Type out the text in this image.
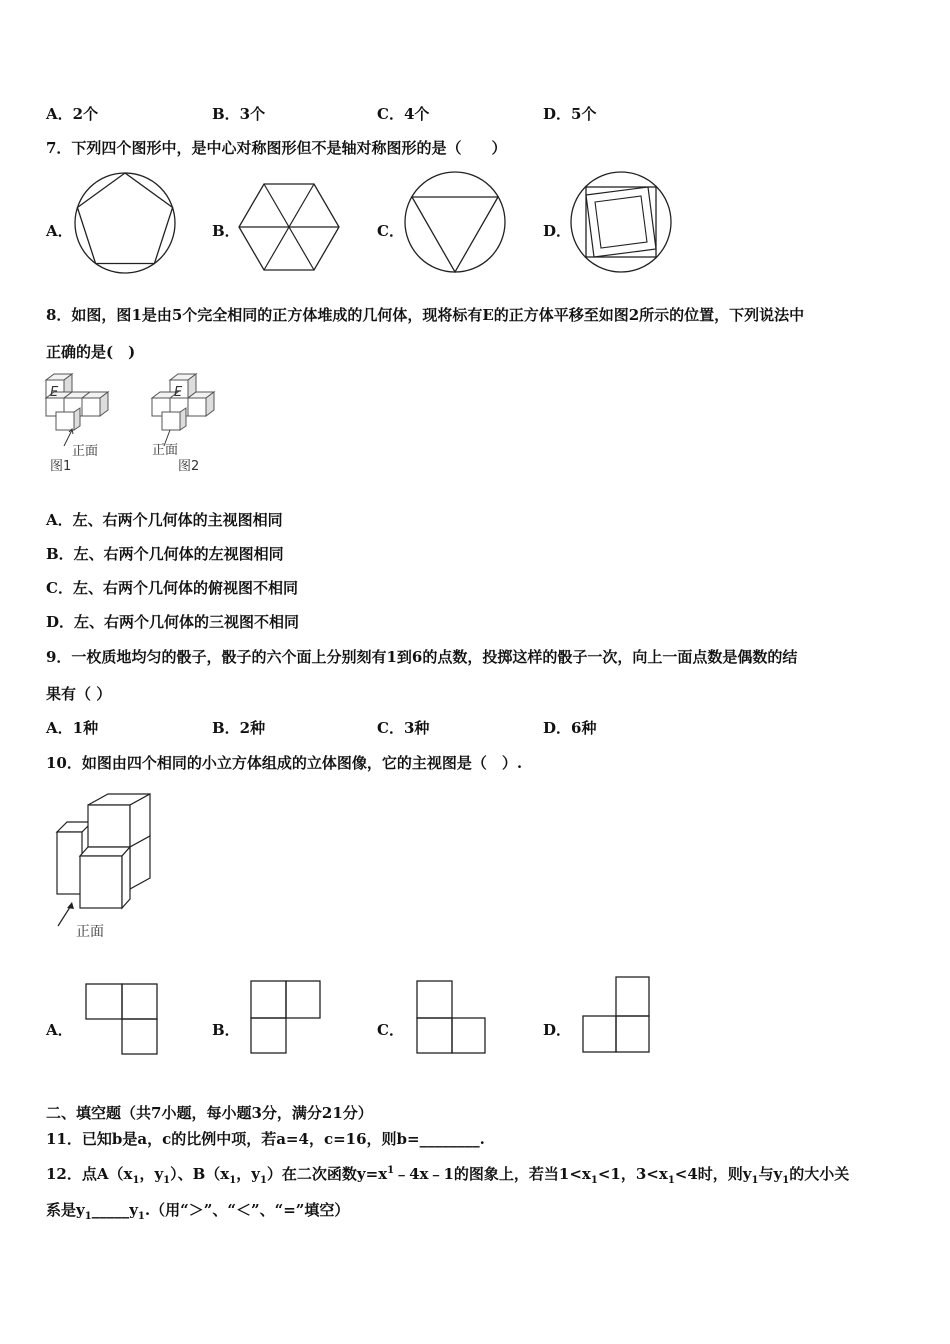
A．2个	B．3个	C．4个	D．5个
7．下列四个图形中，是中心对称图形但不是轴对称图形的是（　　）
A．	B．	C．	D．
8．如图，图1是由5个完全相同的正方体堆成的几何体，现将标有E的正方体平移至如图2所示的位置，下列说法中
正确的是(　)
E
正面
图1
E
正面
图2
A．左、右两个几何体的主视图相同
B．左、右两个几何体的左视图相同
C．左、右两个几何体的俯视图不相同
D．左、右两个几何体的三视图不相同
9．一枚质地均匀的骰子，骰子的六个面上分别刻有1到6的点数，投掷这样的骰子一次，向上一面点数是偶数的结
果有（ ）
A．1种	B．2种	C．3种	D．6种
10．如图由四个相同的小立方体组成的立体图像，它的主视图是（　）.
正面
A．	B．	C．	D．
二、填空题（共7小题，每小题3分，满分21分）
11．已知b是a，c的比例中项，若a=4，c=16，则b=________.
12．点$A(x_1$，$y_1$）、$B(x_1$，$y_1$）在二次函数$y=x^1﹣4x﹣1$的图象上，若当$1<x_1<1$，$3<x_1<4$时，则$y_1$与$y_1$的大小关
系是$y_1\_\_\_\_\_y_1$.（用“＞”、“＜”、“=”填空）
